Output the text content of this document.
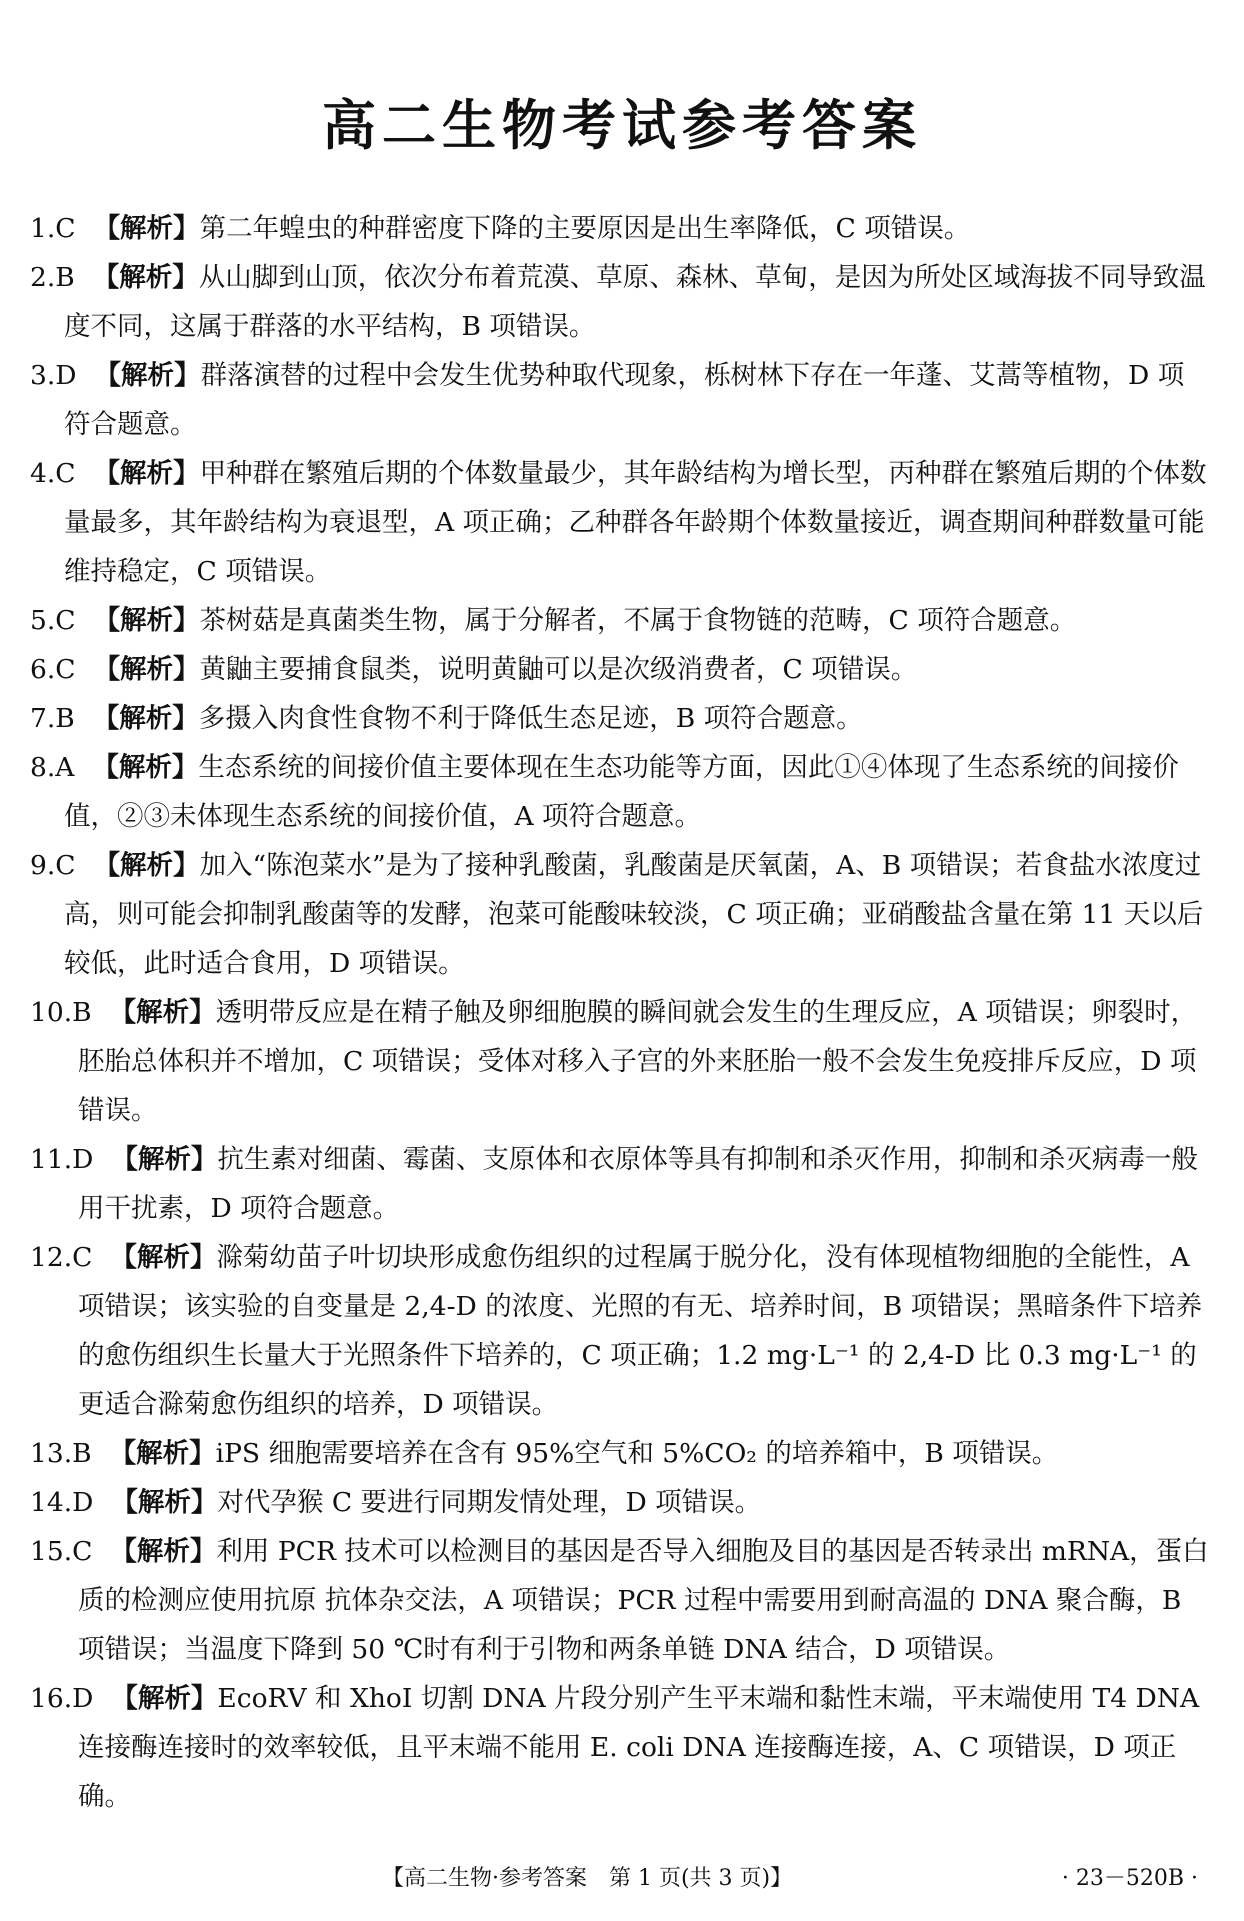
高二生物考试参考答案

1.C 【解析】第二年蝗虫的种群密度下降的主要原因是出生率降低，C 项错误。

2.B 【解析】从山脚到山顶，依次分布着荒漠、草原、森林、草甸，是因为所处区域海拔不同导致温度不同，这属于群落的水平结构，B 项错误。

3.D 【解析】群落演替的过程中会发生优势种取代现象，栎树林下存在一年蓬、艾蒿等植物，D 项符合题意。

4.C 【解析】甲种群在繁殖后期的个体数量最少，其年龄结构为增长型，丙种群在繁殖后期的个体数量最多，其年龄结构为衰退型，A 项正确；乙种群各年龄期个体数量接近，调查期间种群数量可能维持稳定，C 项错误。

5.C 【解析】茶树菇是真菌类生物，属于分解者，不属于食物链的范畴，C 项符合题意。

6.C 【解析】黄鼬主要捕食鼠类，说明黄鼬可以是次级消费者，C 项错误。

7.B 【解析】多摄入肉食性食物不利于降低生态足迹，B 项符合题意。

8.A 【解析】生态系统的间接价值主要体现在生态功能等方面，因此①④体现了生态系统的间接价值，②③未体现生态系统的间接价值，A 项符合题意。

9.C 【解析】加入“陈泡菜水”是为了接种乳酸菌，乳酸菌是厌氧菌，A、B 项错误；若食盐水浓度过高，则可能会抑制乳酸菌等的发酵，泡菜可能酸味较淡，C 项正确；亚硝酸盐含量在第 11 天以后较低，此时适合食用，D 项错误。

10.B 【解析】透明带反应是在精子触及卵细胞膜的瞬间就会发生的生理反应，A 项错误；卵裂时，胚胎总体积并不增加，C 项错误；受体对移入子宫的外来胚胎一般不会发生免疫排斥反应，D 项错误。

11.D 【解析】抗生素对细菌、霉菌、支原体和衣原体等具有抑制和杀灭作用，抑制和杀灭病毒一般用干扰素，D 项符合题意。

12.C 【解析】滁菊幼苗子叶切块形成愈伤组织的过程属于脱分化，没有体现植物细胞的全能性，A 项错误；该实验的自变量是 2,4-D 的浓度、光照的有无、培养时间，B 项错误；黑暗条件下培养的愈伤组织生长量大于光照条件下培养的，C 项正确；1.2 mg·L⁻¹ 的 2,4-D 比 0.3 mg·L⁻¹ 的更适合滁菊愈伤组织的培养，D 项错误。

13.B 【解析】iPS 细胞需要培养在含有 95%空气和 5%CO₂ 的培养箱中，B 项错误。

14.D 【解析】对代孕猴 C 要进行同期发情处理，D 项错误。

15.C 【解析】利用 PCR 技术可以检测目的基因是否导入细胞及目的基因是否转录出 mRNA，蛋白质的检测应使用抗原 抗体杂交法，A 项错误；PCR 过程中需要用到耐高温的 DNA 聚合酶，B 项错误；当温度下降到 50 ℃时有利于引物和两条单链 DNA 结合，D 项错误。

16.D 【解析】EcoRⅤ 和 XhoⅠ 切割 DNA 片段分别产生平末端和黏性末端，平末端使用 T4 DNA 连接酶连接时的效率较低，且平末端不能用 E. coli DNA 连接酶连接，A、C 项错误，D 项正确。

【高二生物·参考答案　第 1 页(共 3 页)】	· 23－520B ·
